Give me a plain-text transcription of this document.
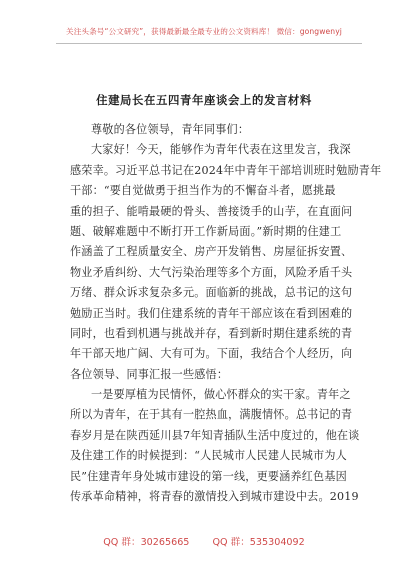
关注头条号“公文研究”，获得最新最全最专业的公文资料库！ 微信：gongwenyj
住建局长在五四青年座谈会上的发言材料
尊敬的各位领导，青年同事们：
大家好！今天，能够作为青年代表在这里发言，我深
感荣幸。习近平总书记在2024年中青年干部培训班时勉励青年
干部：“要自觉做勇于担当作为的不懈奋斗者，愿挑最
重的担子、能啃最硬的骨头、善接烫手的山芋，在直面问
题、破解难题中不断打开工作新局面。”新时期的住建工
作涵盖了工程质量安全、房产开发销售、房屋征拆安置、
物业矛盾纠纷、大气污染治理等多个方面，风险矛盾千头
万绪、群众诉求复杂多元。面临新的挑战，总书记的这句
勉励正当时。我们住建系统的青年干部应该在看到困难的
同时，也看到机遇与挑战并存，看到新时期住建系统的青
年干部天地广阔、大有可为。下面，我结合个人经历，向
各位领导、同事汇报一些感悟：
一是要厚植为民情怀，做心怀群众的实干家。青年之
所以为青年，在于其有一腔热血，满腹情怀。总书记的青
春岁月是在陕西延川县7年知青插队生活中度过的，他在谈
及住建工作的时候提到：“人民城市人民建人民城市为人
民”住建青年身处城市建设的第一线，更要涵养红色基因
传承革命精神，将青春的激情投入到城市建设中去。2019
QQ 群：30265665 QQ 群：535304092
